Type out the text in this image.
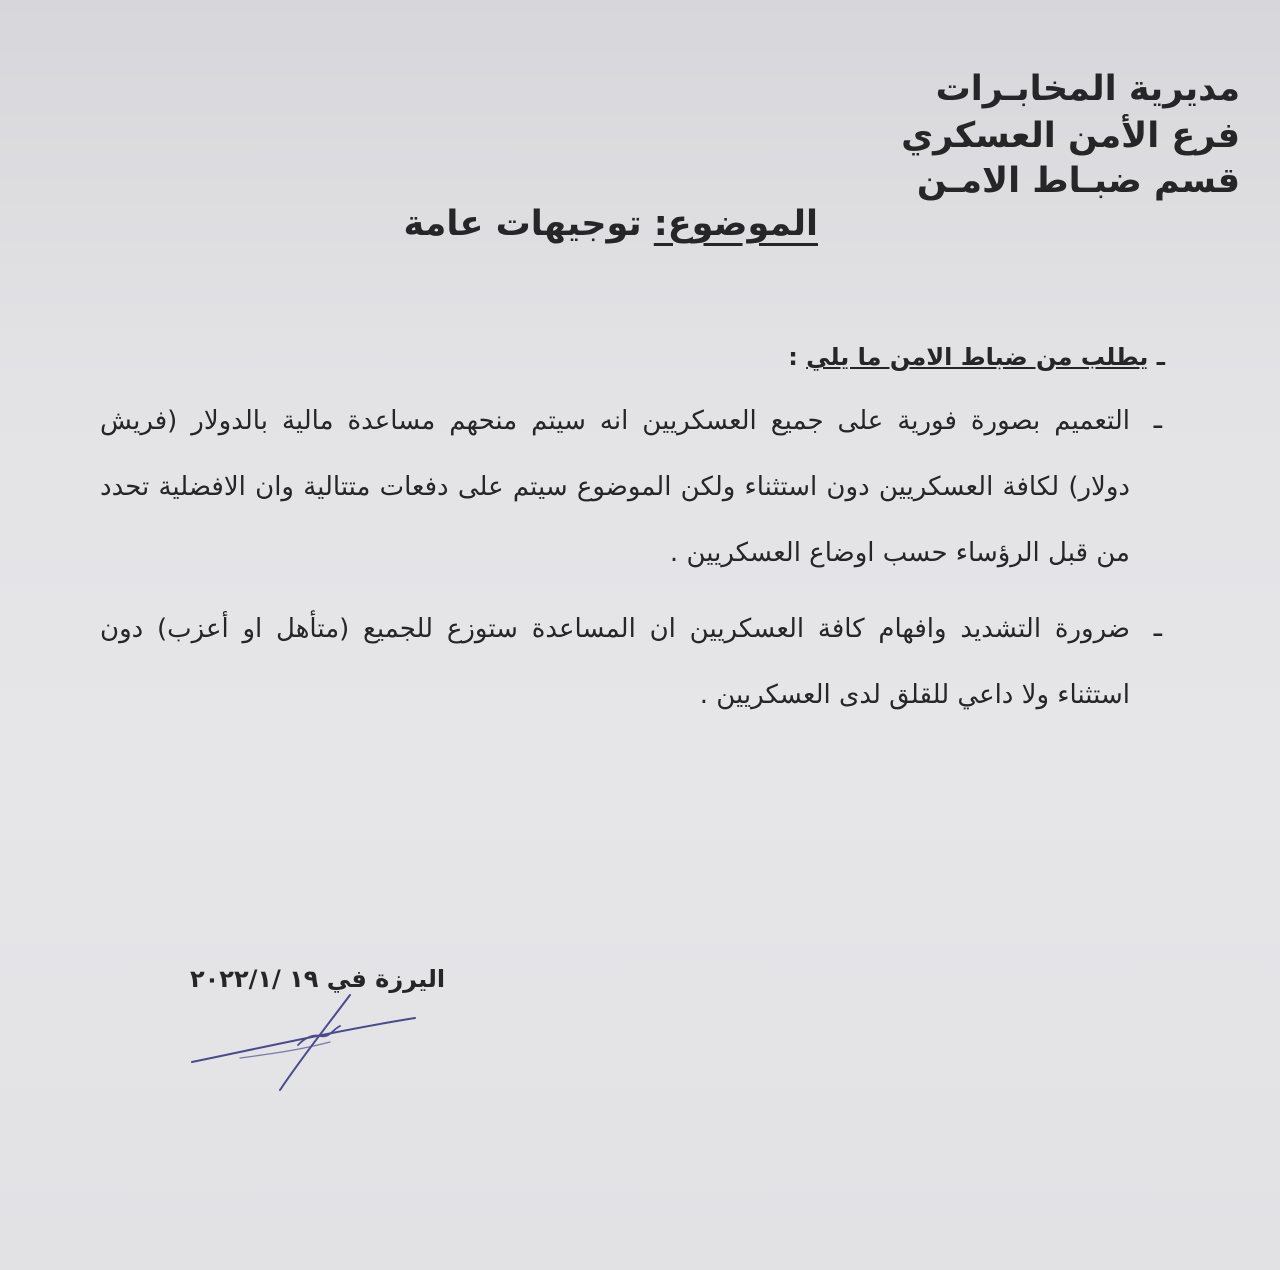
مديرية المخابـرات
فرع الأمن العسكري
قسم ضبـاط الامـن
الموضوع: توجيهات عامة
ـ يطلب من ضباط الامن ما يلي :
ـ
التعميم بصورة فورية على جميع العسكريين انه سيتم منحهم مساعدة مالية بالدولار (فريش دولار) لكافة العسكريين دون استثناء ولكن الموضوع سيتم على دفعات متتالية وان الافضلية تحدد من قبل الرؤساء حسب اوضاع العسكريين .
ـ
ضرورة التشديد وافهام كافة العسكريين ان المساعدة ستوزع للجميع (متأهل او أعزب) دون استثناء ولا داعي للقلق لدى العسكريين .
اليرزة في ١٩ /٢٠٢٢/١
